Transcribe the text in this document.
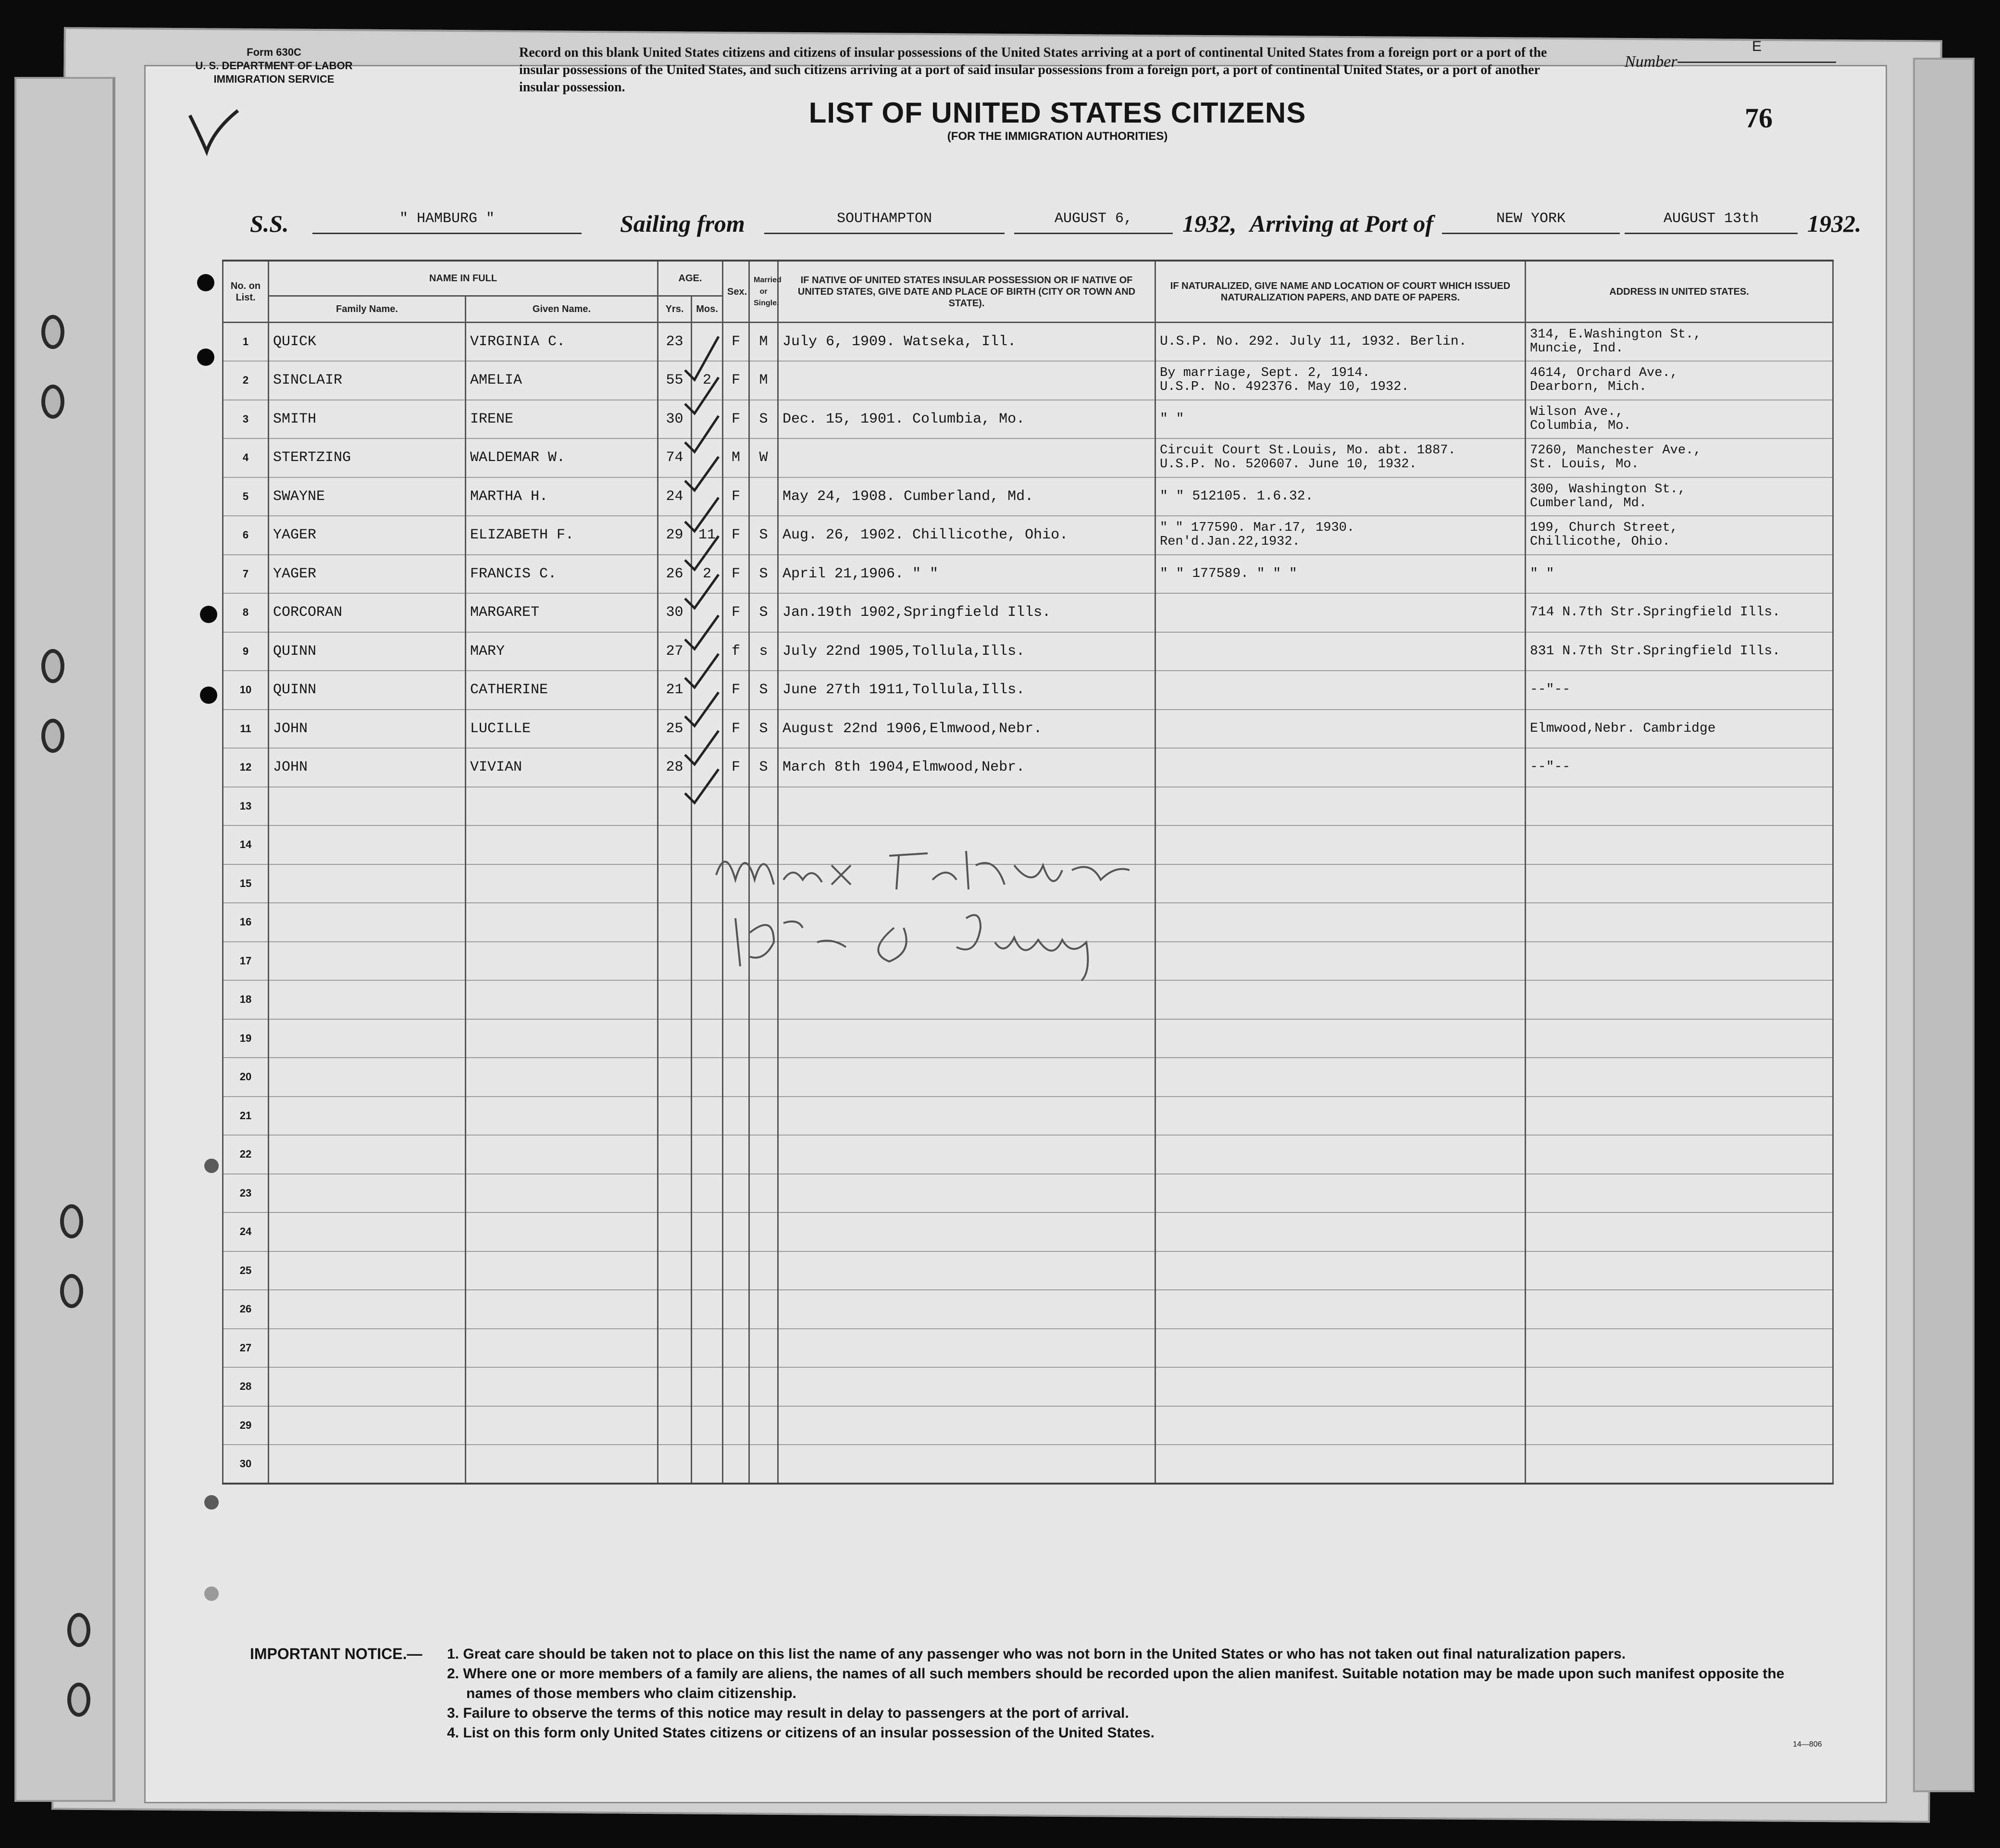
Form 630C
U. S. DEPARTMENT OF LABOR
IMMIGRATION SERVICE
Record on this blank United States citizens and citizens of insular possessions of the United States arriving at a port of continental United States from a foreign port or a port of the insular possessions of the United States, and such citizens arriving at a port of said insular possessions from a foreign port, a port of continental United States, or a port of another insular possession.
Number
E
LIST OF UNITED STATES CITIZENS
(FOR THE IMMIGRATION AUTHORITIES)
76
S.S.	" HAMBURG "	Sailing from	SOUTHAMPTON	AUGUST 6,	1932, Arriving at Port of	NEW YORK	AUGUST 13th	1932.
No. on List.	NAME IN FULL		AGE.		Sex.	Married or Single.	IF NATIVE OF UNITED STATES INSULAR POSSESSION OR IF NATIVE OF UNITED STATES, GIVE DATE AND PLACE OF BIRTH (CITY OR TOWN AND STATE).	IF NATURALIZED, GIVE NAME AND LOCATION OF COURT WHICH ISSUED NATURALIZATION PAPERS, AND DATE OF PAPERS.	ADDRESS IN UNITED STATES.
	Family Name.	Given Name.	Yrs.	Mos.					
1	QUICK	VIRGINIA C.	23		F	M	July 6, 1909. Watseka, Ill.	U.S.P. No. 292. July 11, 1932. Berlin.	314, E.Washington St.,
Muncie, Ind.

2	SINCLAIR	AMELIA	55	2	F	M		By marriage, Sept. 2, 1914.
U.S.P. No. 492376. May 10, 1932.	4614, Orchard Ave.,
Dearborn, Mich.

3	SMITH	IRENE	30		F	S	Dec. 15, 1901. Columbia, Mo.	" "	Wilson Ave.,
Columbia, Mo.

4	STERTZING	WALDEMAR W.	74		M	W		Circuit Court St.Louis, Mo. abt. 1887.
U.S.P. No. 520607. June 10, 1932.	7260, Manchester Ave.,
St. Louis, Mo.

5	SWAYNE	MARTHA H.	24		F		May 24, 1908. Cumberland, Md.	" " 512105. 1.6.32.	300, Washington St.,
Cumberland, Md.

6	YAGER	ELIZABETH F.	29	11	F	S	Aug. 26, 1902. Chillicothe, Ohio.	" " 177590. Mar.17, 1930.
Ren'd.Jan.22,1932.	199, Church Street,
Chillicothe, Ohio.

7	YAGER	FRANCIS C.	26	2	F	S	April 21,1906. " "	" " 177589. " " "	" "
8	CORCORAN	MARGARET	30		F	S	Jan.19th 1902,Springfield Ills.		714 N.7th Str.Springfield Ills.
9	QUINN	MARY	27		f	s	July 22nd 1905,Tollula,Ills.		831 N.7th Str.Springfield Ills.
10	QUINN	CATHERINE	21		F	S	June 27th 1911,Tollula,Ills.		--"--
11	JOHN	LUCILLE	25		F	S	August 22nd 1906,Elmwood,Nebr.		Elmwood,Nebr. Cambridge
12	JOHN	VIVIAN	28		F	S	March 8th 1904,Elmwood,Nebr.		--"--
13									
14									
15									
16									
17									
18									
19									
20									
21									
22									
23									
24									
25									
26									
27									
28									
29									
30									
IMPORTANT NOTICE.— 1. Great care should be taken not to place on this list the name of any passenger who was not born in the United States or who has not taken out final naturalization papers.
2. Where one or more members of a family are aliens, the names of all such members should be recorded upon the alien manifest. Suitable notation may be made upon such manifest opposite the names of those members who claim citizenship.
3. Failure to observe the terms of this notice may result in delay to passengers at the port of arrival.
4. List on this form only United States citizens or citizens of an insular possession of the United States.
14—806
